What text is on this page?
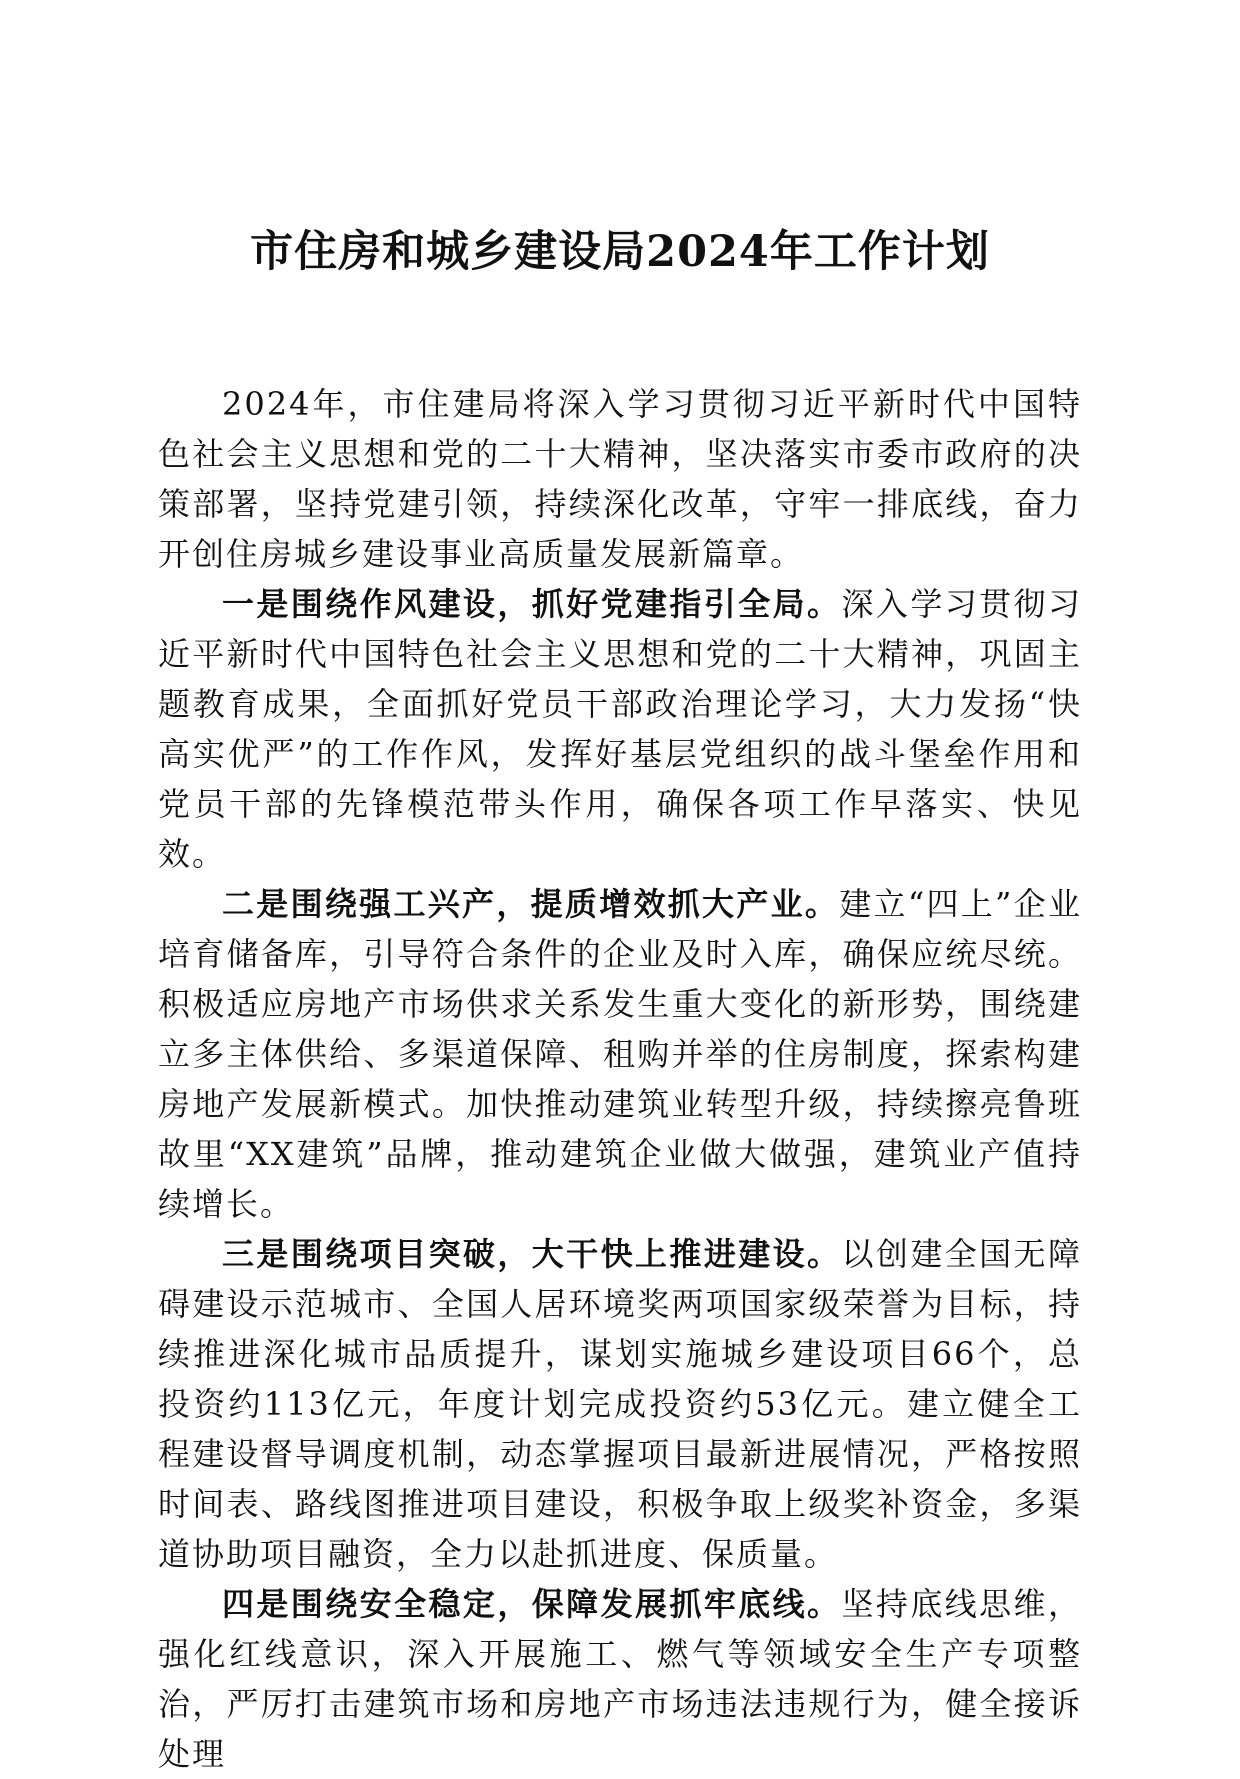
市住房和城乡建设局2024年工作计划

2024年，市住建局将深入学习贯彻习近平新时代中国特色社会主义思想和党的二十大精神，坚决落实市委市政府的决策部署，坚持党建引领，持续深化改革，守牢一排底线，奋力开创住房城乡建设事业高质量发展新篇章。

一是围绕作风建设，抓好党建指引全局。深入学习贯彻习近平新时代中国特色社会主义思想和党的二十大精神，巩固主题教育成果，全面抓好党员干部政治理论学习，大力发扬“快高实优严”的工作作风，发挥好基层党组织的战斗堡垒作用和党员干部的先锋模范带头作用，确保各项工作早落实、快见效。

二是围绕强工兴产，提质增效抓大产业。建立“四上”企业培育储备库，引导符合条件的企业及时入库，确保应统尽统。积极适应房地产市场供求关系发生重大变化的新形势，围绕建立多主体供给、多渠道保障、租购并举的住房制度，探索构建房地产发展新模式。加快推动建筑业转型升级，持续擦亮鲁班故里“XX建筑”品牌，推动建筑企业做大做强，建筑业产值持续增长。

三是围绕项目突破，大干快上推进建设。以创建全国无障碍建设示范城市、全国人居环境奖两项国家级荣誉为目标，持续推进深化城市品质提升，谋划实施城乡建设项目66个，总投资约113亿元，年度计划完成投资约53亿元。建立健全工程建设督导调度机制，动态掌握项目最新进展情况，严格按照时间表、路线图推进项目建设，积极争取上级奖补资金，多渠道协助项目融资，全力以赴抓进度、保质量。

四是围绕安全稳定，保障发展抓牢底线。坚持底线思维，强化红线意识，深入开展施工、燃气等领域安全生产专项整治，严厉打击建筑市场和房地产市场违法违规行为，健全接诉处理
